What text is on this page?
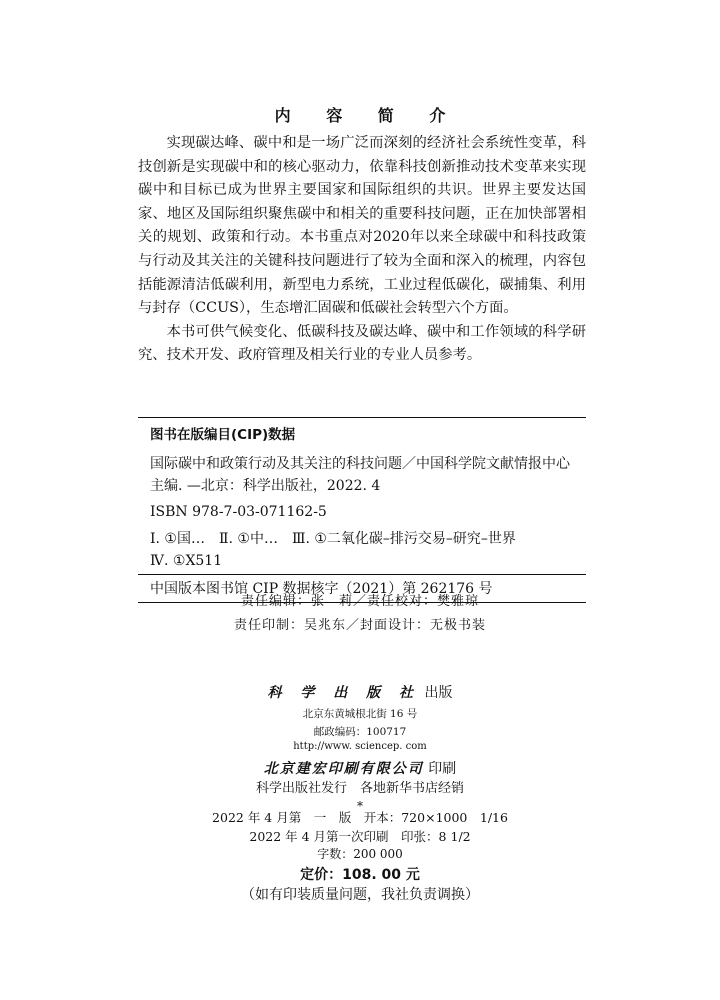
内 容 简 介

实现碳达峰、碳中和是一场广泛而深刻的经济社会系统性变革，科技创新是实现碳中和的核心驱动力，依靠科技创新推动技术变革来实现碳中和目标已成为世界主要国家和国际组织的共识。世界主要发达国家、地区及国际组织聚焦碳中和相关的重要科技问题，正在加快部署相关的规划、政策和行动。本书重点对2020年以来全球碳中和科技政策与行动及其关注的关键科技问题进行了较为全面和深入的梳理，内容包括能源清洁低碳利用，新型电力系统，工业过程低碳化，碳捕集、利用与封存（CCUS），生态增汇固碳和低碳社会转型六个方面。

本书可供气候变化、低碳科技及碳达峰、碳中和工作领域的科学研究、技术开发、政府管理及相关行业的专业人员参考。

图书在版编目(CIP)数据
国际碳中和政策行动及其关注的科技问题／中国科学院文献情报中心主编. —北京：科学出版社，2022. 4
ISBN 978-7-03-071162-5
Ⅰ. ①国… Ⅱ. ①中… Ⅲ. ①二氧化碳–排污交易–研究–世界
Ⅳ. ①X511
中国版本图书馆 CIP 数据核字（2021）第 262176 号
责任编辑：张　莉／责任校对：樊雅琼
责任印制：吴兆东／封面设计：无极书装
科 学 出 版 社 出版
北京东黄城根北街 16 号
邮政编码：100717
http://www. sciencep. com
北京建宏印刷有限公司 印刷
科学出版社发行　各地新华书店经销
*
2022 年 4 月第　一　版　开本：720×1000　1/16
2022 年 4 月第一次印刷　印张：8 1/2
字数：200 000
定价：108. 00 元
（如有印装质量问题，我社负责调换）
